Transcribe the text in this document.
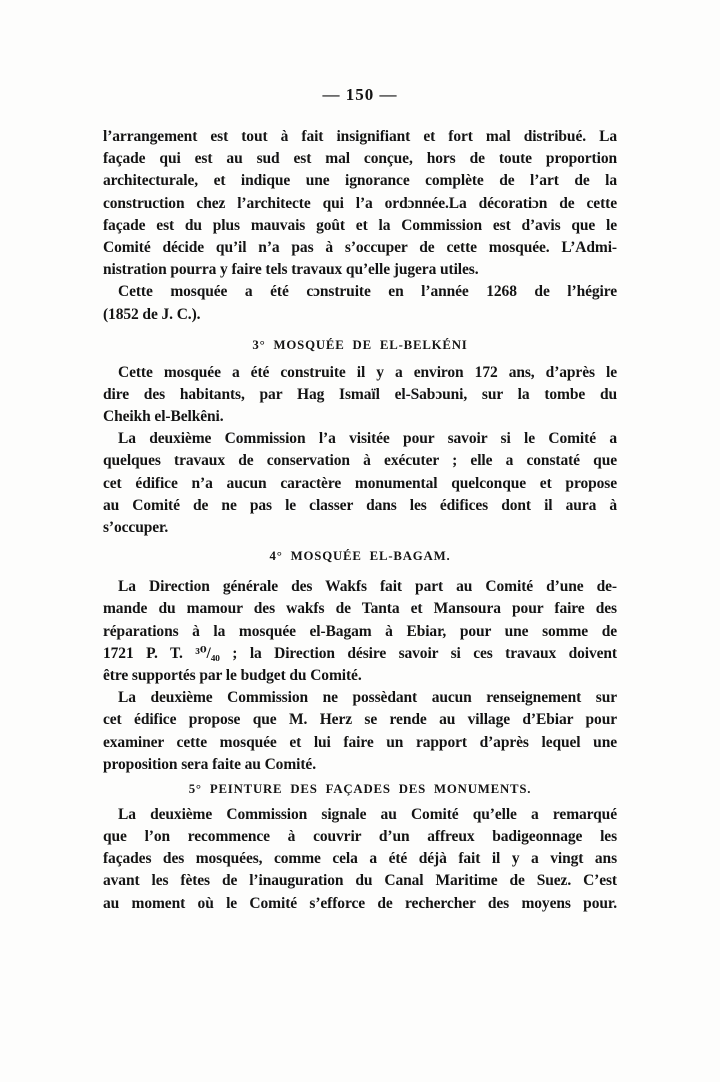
— 150 —
l’arrangement est tout à fait insignifiant et fort mal distribué. La
façade qui est au sud est mal conçue, hors de toute proportion
architecturale, et indique une ignorance complète de l’art de la
construction chez l’architecte qui l’a ordɔnnée.La décoratiɔn de cette
façade est du plus mauvais goût et la Commission est d’avis que le
Comité décide qu’il n’a pas à s’occuper de cette mosquée. L’Admi-
nistration pourra y faire tels travaux qu’elle jugera utiles.
Cette mosquée a été cɔnstruite en l’année 1268 de l’hégire
(1852 de J. C.).
3° MOSQUÉE DE EL-BELKÉNI
Cette mosquée a été construite il y a environ 172 ans, d’après le
dire des habitants, par Hag Ismaïl el-Sabɔuni, sur la tombe du
Cheikh el-Belkêni.
La deuxième Commission l’a visitée pour savoir si le Comité a
quelques travaux de conservation à exécuter ; elle a constaté que
cet édifice n’a aucun caractère monumental quelconque et propose
au Comité de ne pas le classer dans les édifices dont il aura à
s’occuper.
4° MOSQUÉE EL-BAGAM.
La Direction générale des Wakfs fait part au Comité d’une de-
mande du mamour des wakfs de Tanta et Mansoura pour faire des
réparations à la mosquée el-Bagam à Ebiar, pour une somme de
1721 P. T. ³⁰/₄₀ ; la Direction désire savoir si ces travaux doivent
être supportés par le budget du Comité.
La deuxième Commission ne possèdant aucun renseignement sur
cet édifice propose que M. Herz se rende au village d’Ebiar pour
examiner cette mosquée et lui faire un rapport d’après lequel une
proposition sera faite au Comité.
5° PEINTURE DES FAÇADES DES MONUMENTS.
La deuxième Commission signale au Comité qu’elle a remarqué
que l’on recommence à couvrir d’un affreux badigeonnage les
façades des mosquées, comme cela a été déjà fait il y a vingt ans
avant les fètes de l’inauguration du Canal Maritime de Suez. C’est
au moment où le Comité s’efforce de rechercher des moyens pour.
